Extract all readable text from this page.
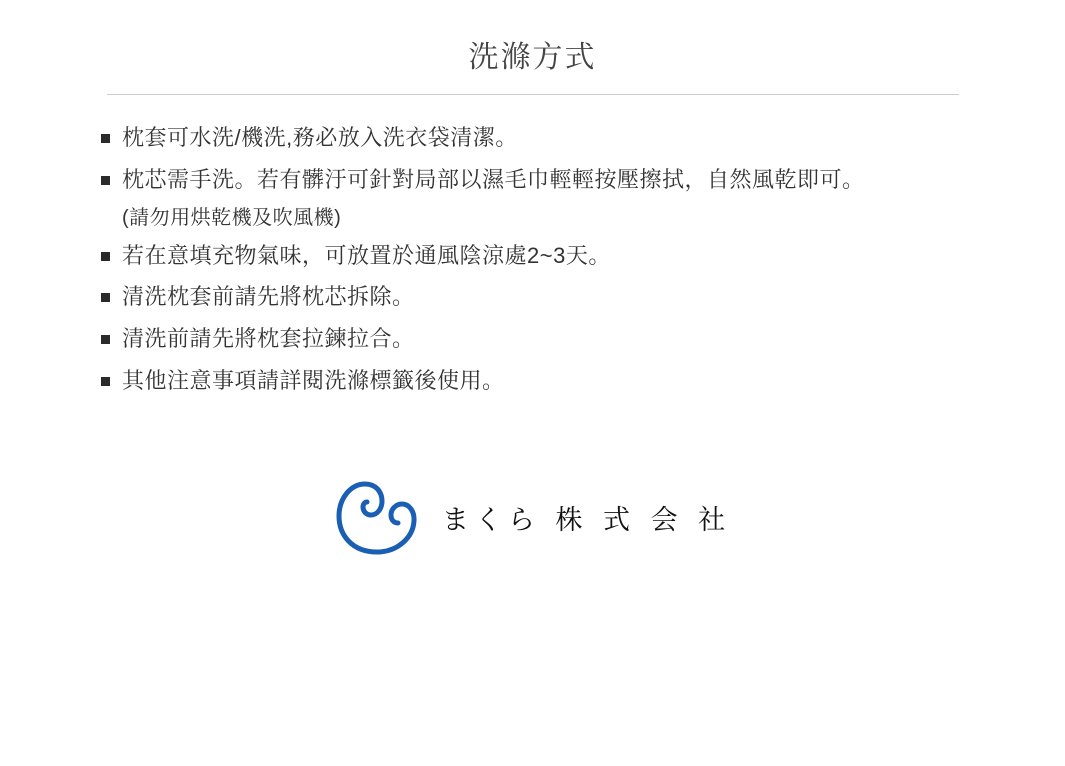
洗滌方式
枕套可水洗/機洗,務必放入洗衣袋清潔。
枕芯需手洗。若有髒汙可針對局部以濕毛巾輕輕按壓擦拭，自然風乾即可。
(請勿用烘乾機及吹風機)
若在意填充物氣味，可放置於通風陰涼處2~3天。
清洗枕套前請先將枕芯拆除。
清洗前請先將枕套拉鍊拉合。
其他注意事項請詳閱洗滌標籤後使用。
まくら 株 式 会 社
